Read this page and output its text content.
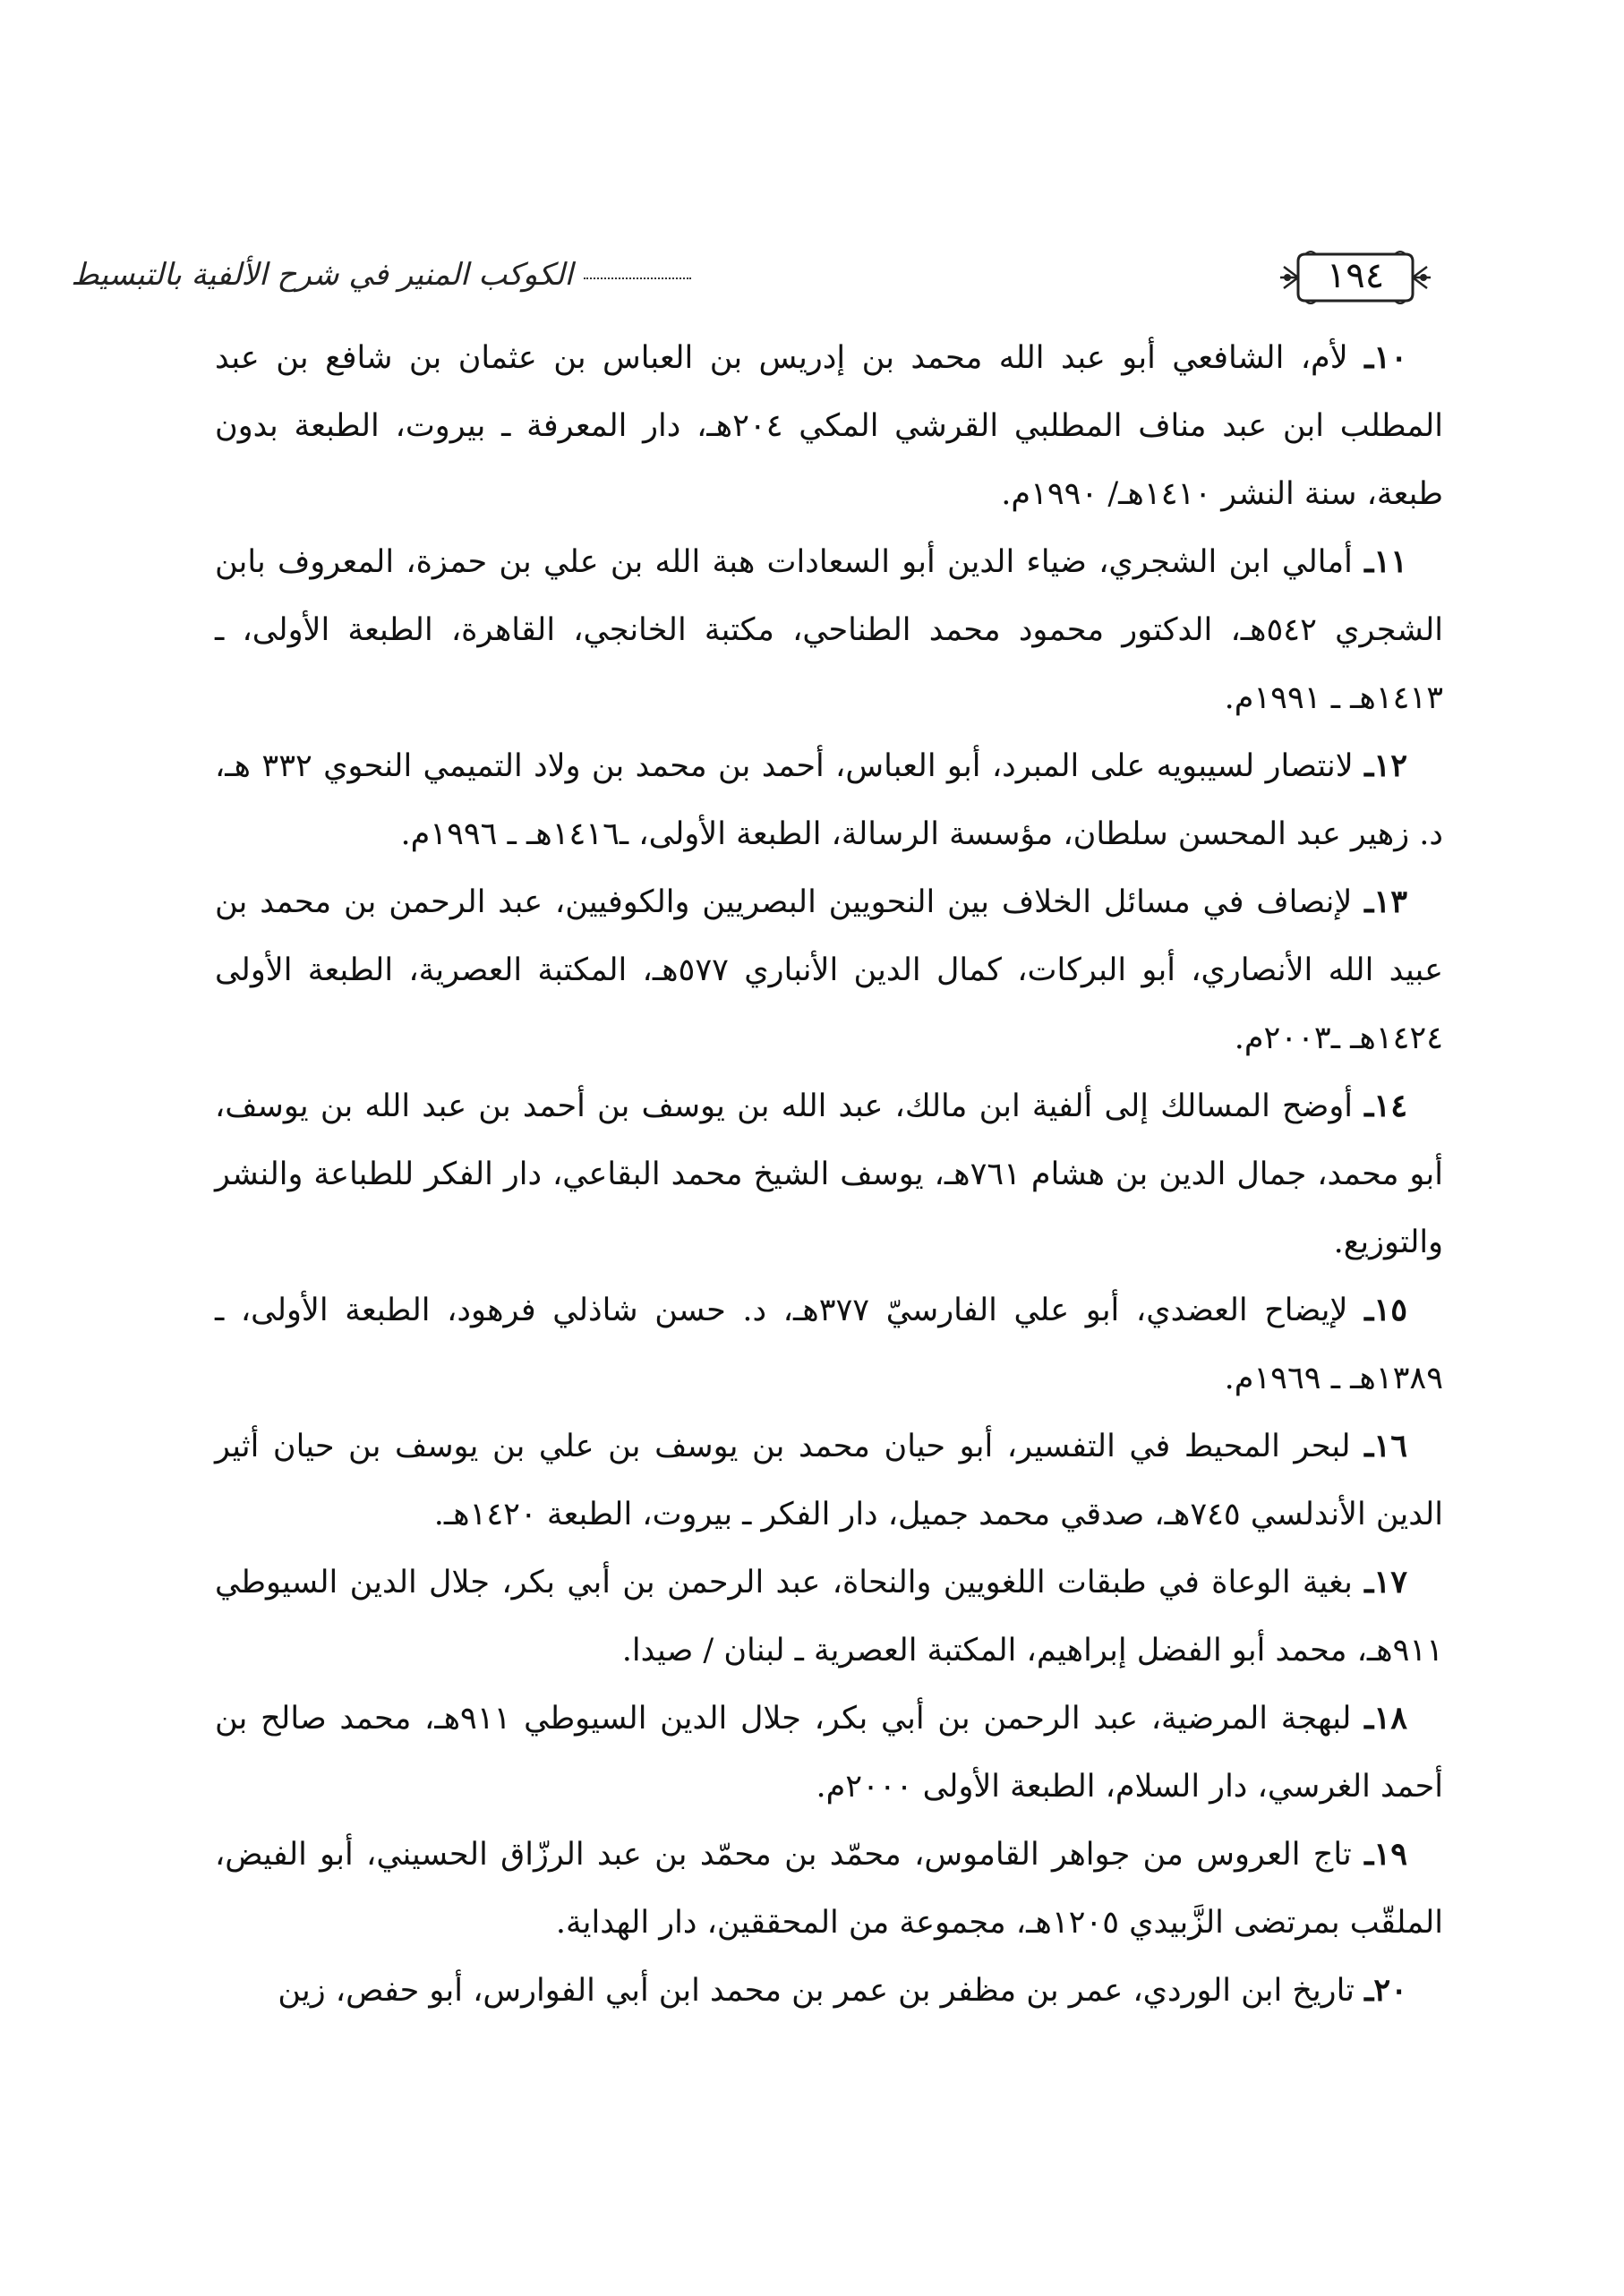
١٩٤
الكوكب المنير في شرح الألفية بالتبسيط

١٠ـ لأم، الشافعي أبو عبد الله محمد بن إدريس بن العباس بن عثمان بن شافع بن عبد المطلب ابن عبد مناف المطلبي القرشي المكي ٢٠٤هـ، دار المعرفة ـ بيروت، الطبعة بدون طبعة، سنة النشر ١٤١٠هـ/ ١٩٩٠م.

١١ـ أمالي ابن الشجري، ضياء الدين أبو السعادات هبة الله بن علي بن حمزة، المعروف بابن الشجري ٥٤٢هـ، الدكتور محمود محمد الطناحي، مكتبة الخانجي، القاهرة، الطبعة الأولى، ـ ١٤١٣هـ ـ ١٩٩١م.

١٢ـ لانتصار لسيبويه على المبرد، أبو العباس، أحمد بن محمد بن ولاد التميمي النحوي ٣٣٢ هـ، د. زهير عبد المحسن سلطان، مؤسسة الرسالة، الطبعة الأولى، ـ١٤١٦هـ ـ ١٩٩٦م.

١٣ـ لإنصاف في مسائل الخلاف بين النحويين البصريين والكوفيين، عبد الرحمن بن محمد بن عبيد الله الأنصاري، أبو البركات، كمال الدين الأنباري ٥٧٧هـ، المكتبة العصرية، الطبعة الأولى ١٤٢٤هـ ـ٢٠٠٣م.

١٤ـ أوضح المسالك إلى ألفية ابن مالك، عبد الله بن يوسف بن أحمد بن عبد الله بن يوسف، أبو محمد، جمال الدين بن هشام ٧٦١هـ، يوسف الشيخ محمد البقاعي، دار الفكر للطباعة والنشر والتوزيع.

١٥ـ لإيضاح العضدي، أبو علي الفارسيّ ٣٧٧هـ، د. حسن شاذلي فرهود، الطبعة الأولى، ـ ١٣٨٩هـ ـ ١٩٦٩م.

١٦ـ لبحر المحيط في التفسير، أبو حيان محمد بن يوسف بن علي بن يوسف بن حيان أثير الدين الأندلسي ٧٤٥هـ، صدقي محمد جميل، دار الفكر ـ بيروت، الطبعة ١٤٢٠هـ.

١٧ـ بغية الوعاة في طبقات اللغويين والنحاة، عبد الرحمن بن أبي بكر، جلال الدين السيوطي ٩١١هـ، محمد أبو الفضل إبراهيم، المكتبة العصرية ـ لبنان / صيدا.

١٨ـ لبهجة المرضية، عبد الرحمن بن أبي بكر، جلال الدين السيوطي ٩١١هـ، محمد صالح بن أحمد الغرسي، دار السلام، الطبعة الأولى ٢٠٠٠م.

١٩ـ تاج العروس من جواهر القاموس، محمّد بن محمّد بن عبد الرزّاق الحسيني، أبو الفيض، الملقّب بمرتضى الزَّبيدي ١٢٠٥هـ، مجموعة من المحققين، دار الهداية.

٢٠ـ تاريخ ابن الوردي، عمر بن مظفر بن عمر بن محمد ابن أبي الفوارس، أبو حفص، زين
